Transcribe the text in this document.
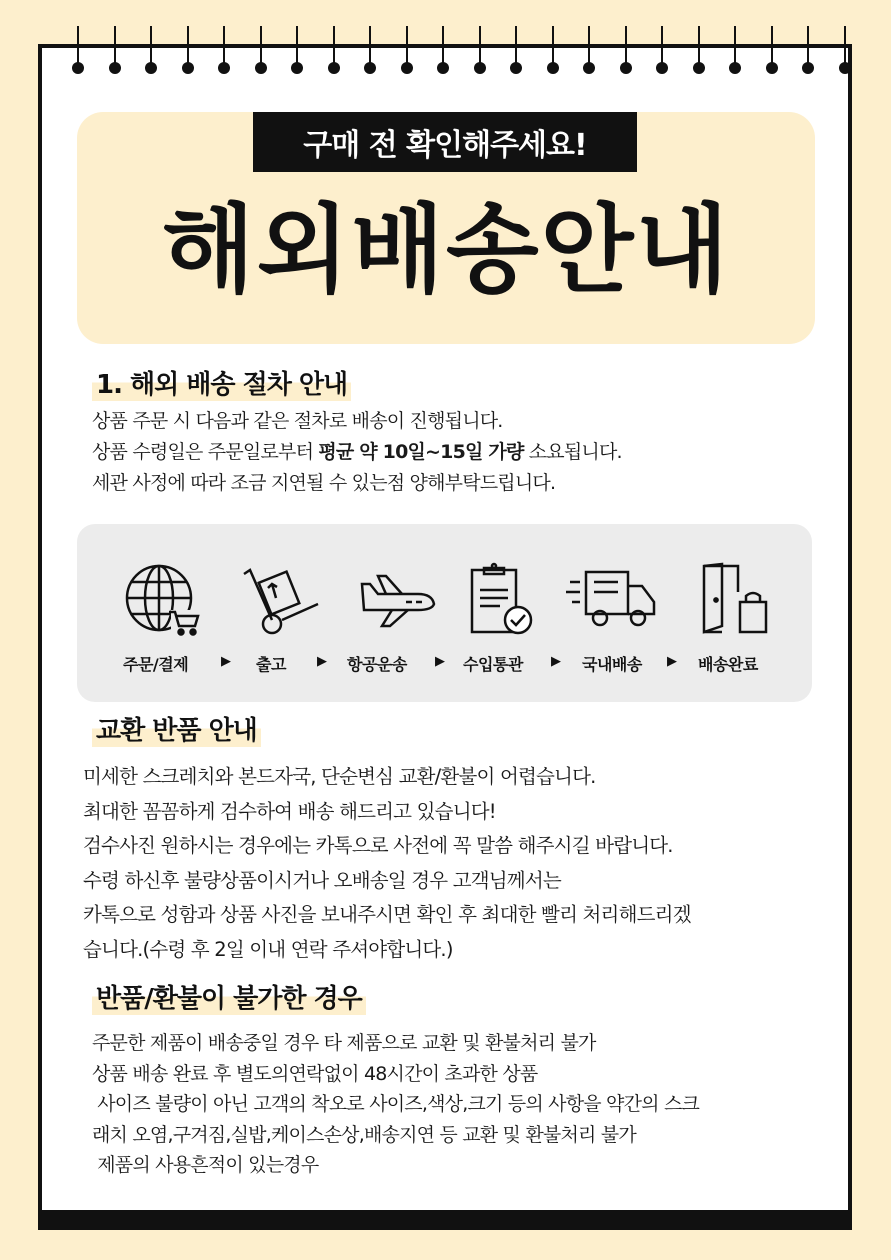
구매 전 확인해주세요!
해외배송안내
1. 해외 배송 절차 안내
상품 주문 시 다음과 같은 절차로 배송이 진행됩니다.
상품 수령일은 주문일로부터 평균 약 10일~15일 가량 소요됩니다.
세관 사정에 따라 조금 지연될 수 있는점 양해부탁드립니다.
주문/결제	▶ 출고 ▶ 항공운송 ▶ 수입통관 ▶ 국내배송 ▶ 배송완료
교환 반품 안내
미세한 스크레치와 본드자국, 단순변심 교환/환불이 어렵습니다.
최대한 꼼꼼하게 검수하여 배송 해드리고 있습니다!
검수사진 원하시는 경우에는 카톡으로 사전에 꼭 말씀 해주시길 바랍니다.
수령 하신후 불량상품이시거나 오배송일 경우 고객님께서는
카톡으로 성함과 상품 사진을 보내주시면 확인 후 최대한 빨리 처리해드리겠
습니다.(수령 후 2일 이내 연락 주셔야합니다.)
반품/환불이 불가한 경우
주문한 제품이 배송중일 경우 타 제품으로 교환 및 환불처리 불가
상품 배송 완료 후 별도의연락없이 48시간이 초과한 상품
사이즈 불량이 아닌 고객의 착오로 사이즈,색상,크기 등의 사항을 약간의 스크
래치 오염,구겨짐,실밥,케이스손상,배송지연 등 교환 및 환불처리 불가
제품의 사용흔적이 있는경우
